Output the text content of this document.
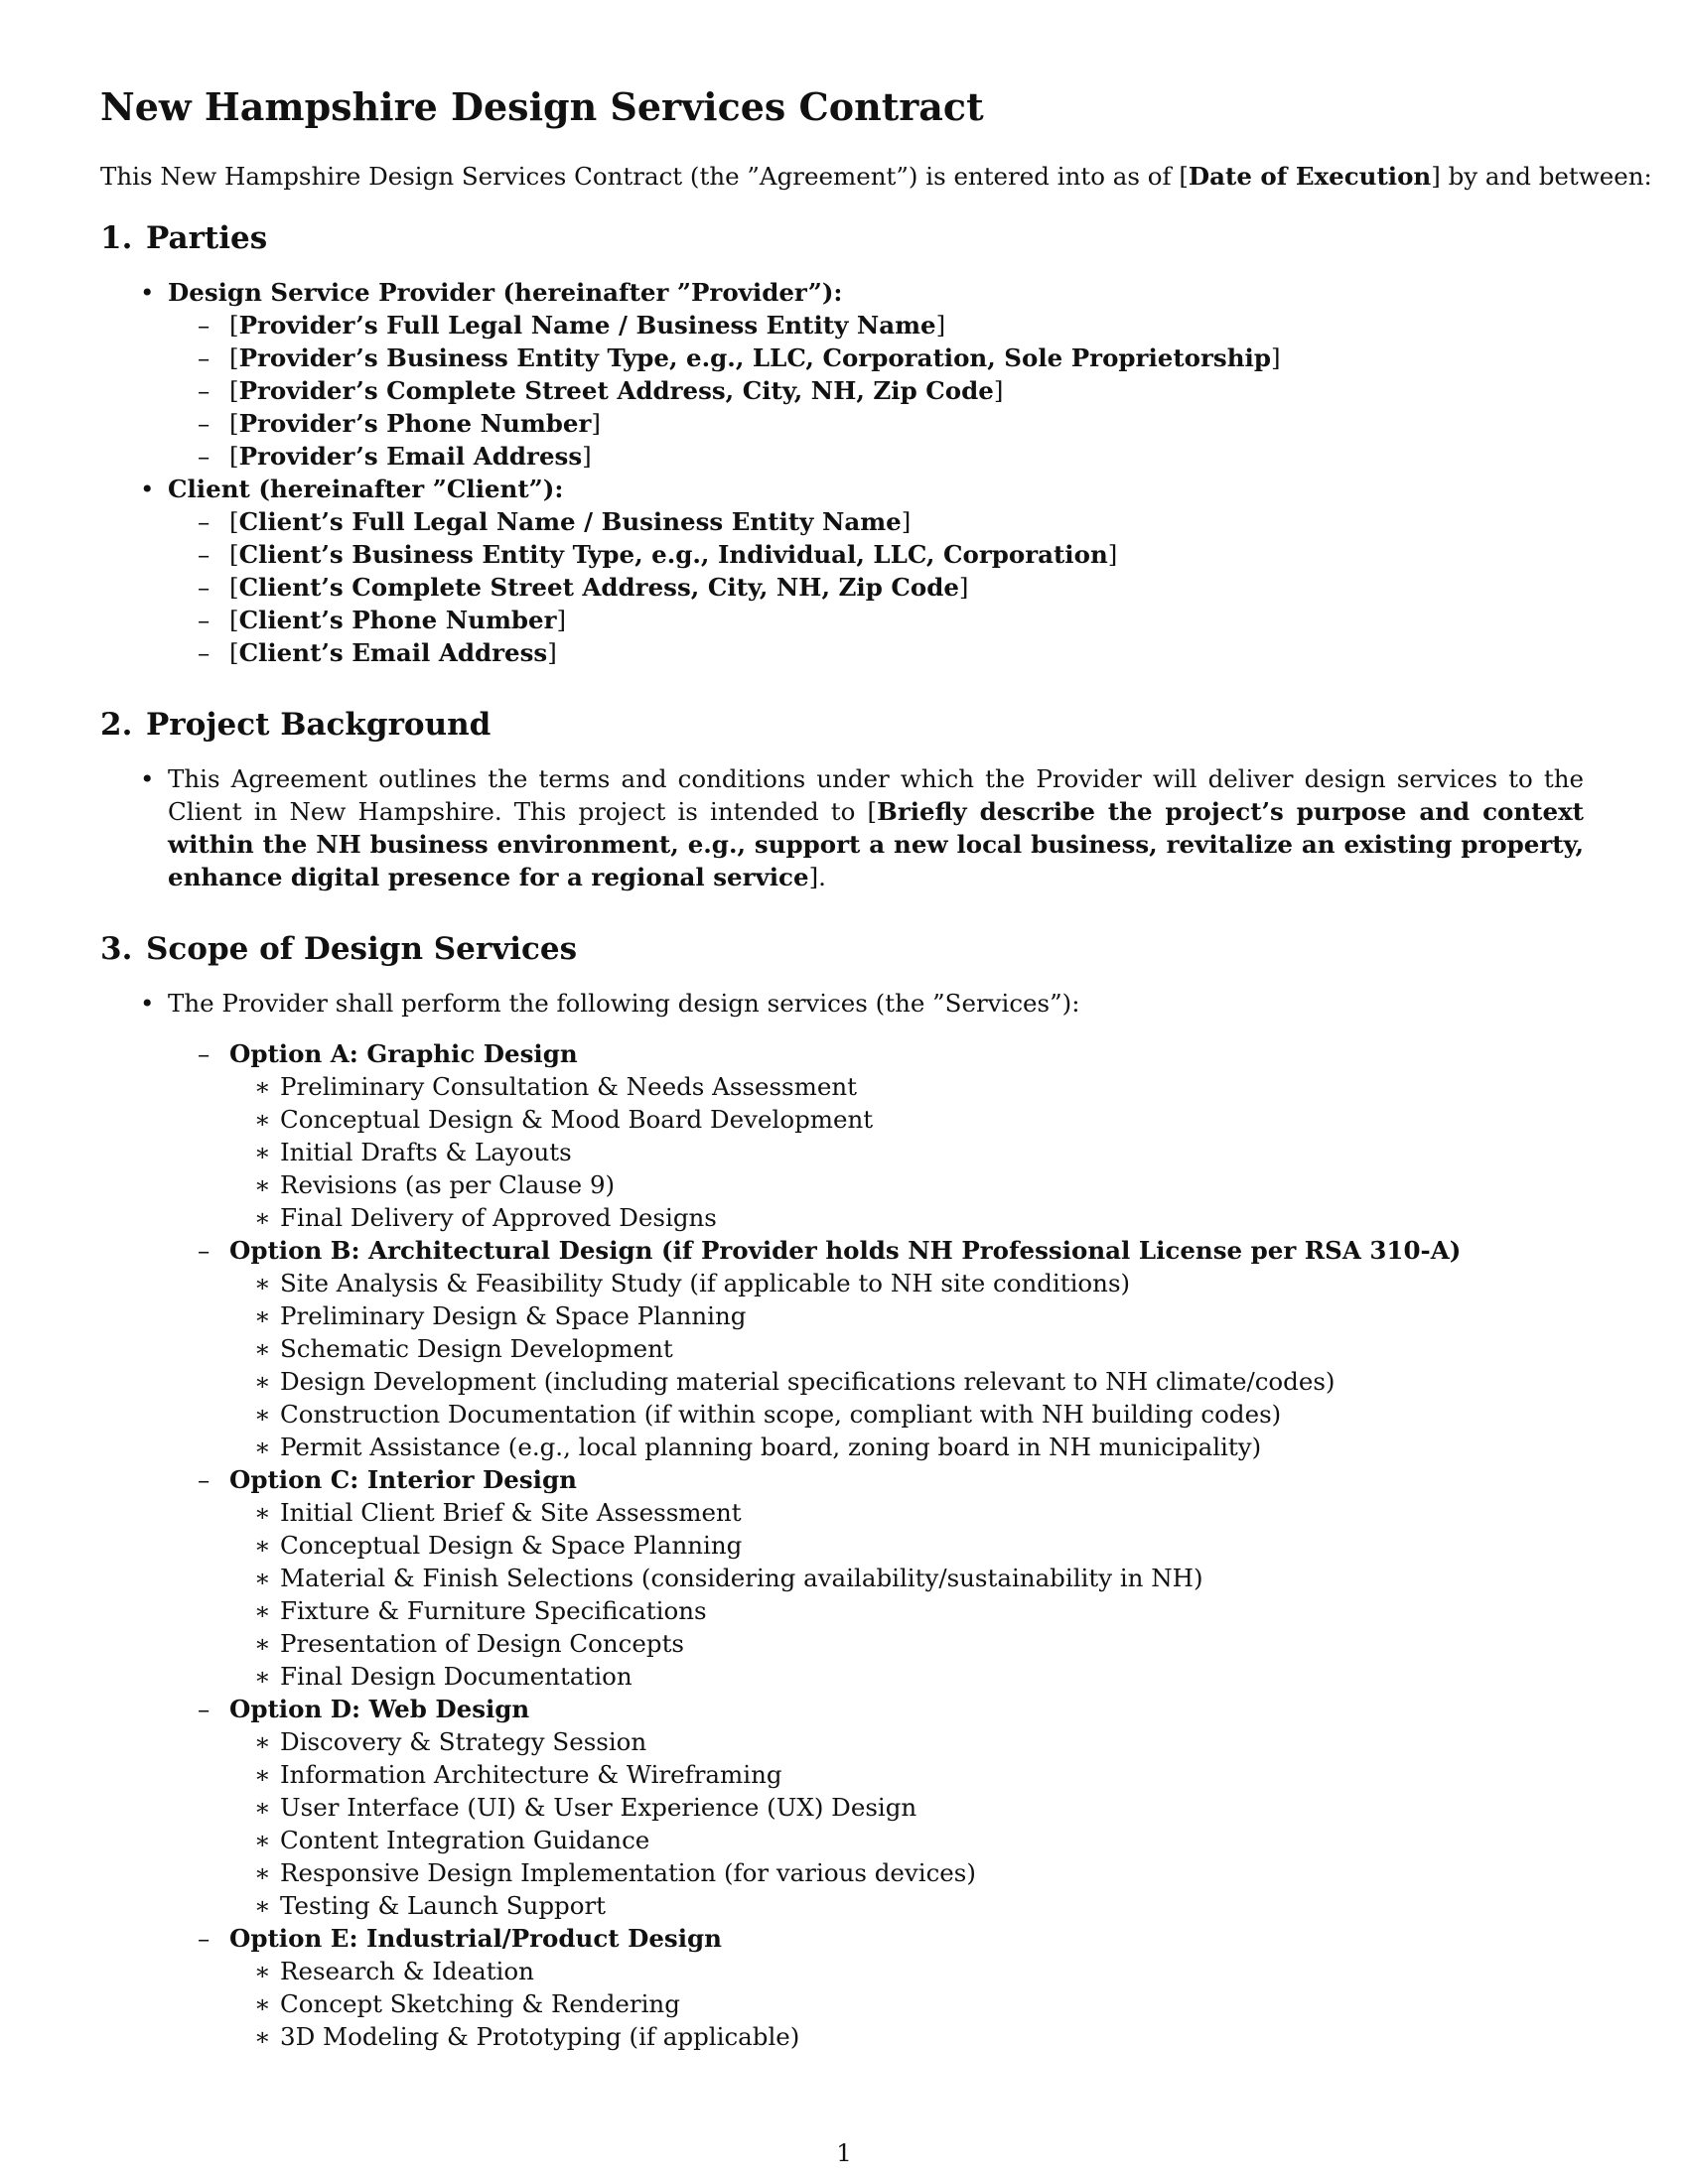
New Hampshire Design Services Contract

This New Hampshire Design Services Contract (the ”Agreement”) is entered into as of [Date of Execution] by and between:

1. Parties
• Design Service Provider (hereinafter ”Provider”):
– [Provider’s Full Legal Name / Business Entity Name]
– [Provider’s Business Entity Type, e.g., LLC, Corporation, Sole Proprietorship]
– [Provider’s Complete Street Address, City, NH, Zip Code]
– [Provider’s Phone Number]
– [Provider’s Email Address]
• Client (hereinafter ”Client”):
– [Client’s Full Legal Name / Business Entity Name]
– [Client’s Business Entity Type, e.g., Individual, LLC, Corporation]
– [Client’s Complete Street Address, City, NH, Zip Code]
– [Client’s Phone Number]
– [Client’s Email Address]
2. Project Background
• This Agreement outlines the terms and conditions under which the Provider will deliver design services to the Client in New Hampshire. This project is intended to [Briefly describe the project’s purpose and context within the NH business environment, e.g., support a new local business, revitalize an existing property, enhance digital presence for a regional service].
3. Scope of Design Services
• The Provider shall perform the following design services (the ”Services”):
– Option A: Graphic Design
∗ Preliminary Consultation & Needs Assessment
∗ Conceptual Design & Mood Board Development
∗ Initial Drafts & Layouts
∗ Revisions (as per Clause 9)
∗ Final Delivery of Approved Designs
– Option B: Architectural Design (if Provider holds NH Professional License per RSA 310-A)
∗ Site Analysis & Feasibility Study (if applicable to NH site conditions)
∗ Preliminary Design & Space Planning
∗ Schematic Design Development
∗ Design Development (including material specifications relevant to NH climate/codes)
∗ Construction Documentation (if within scope, compliant with NH building codes)
∗ Permit Assistance (e.g., local planning board, zoning board in NH municipality)
– Option C: Interior Design
∗ Initial Client Brief & Site Assessment
∗ Conceptual Design & Space Planning
∗ Material & Finish Selections (considering availability/sustainability in NH)
∗ Fixture & Furniture Specifications
∗ Presentation of Design Concepts
∗ Final Design Documentation
– Option D: Web Design
∗ Discovery & Strategy Session
∗ Information Architecture & Wireframing
∗ User Interface (UI) & User Experience (UX) Design
∗ Content Integration Guidance
∗ Responsive Design Implementation (for various devices)
∗ Testing & Launch Support
– Option E: Industrial/Product Design
∗ Research & Ideation
∗ Concept Sketching & Rendering
∗ 3D Modeling & Prototyping (if applicable)
1
